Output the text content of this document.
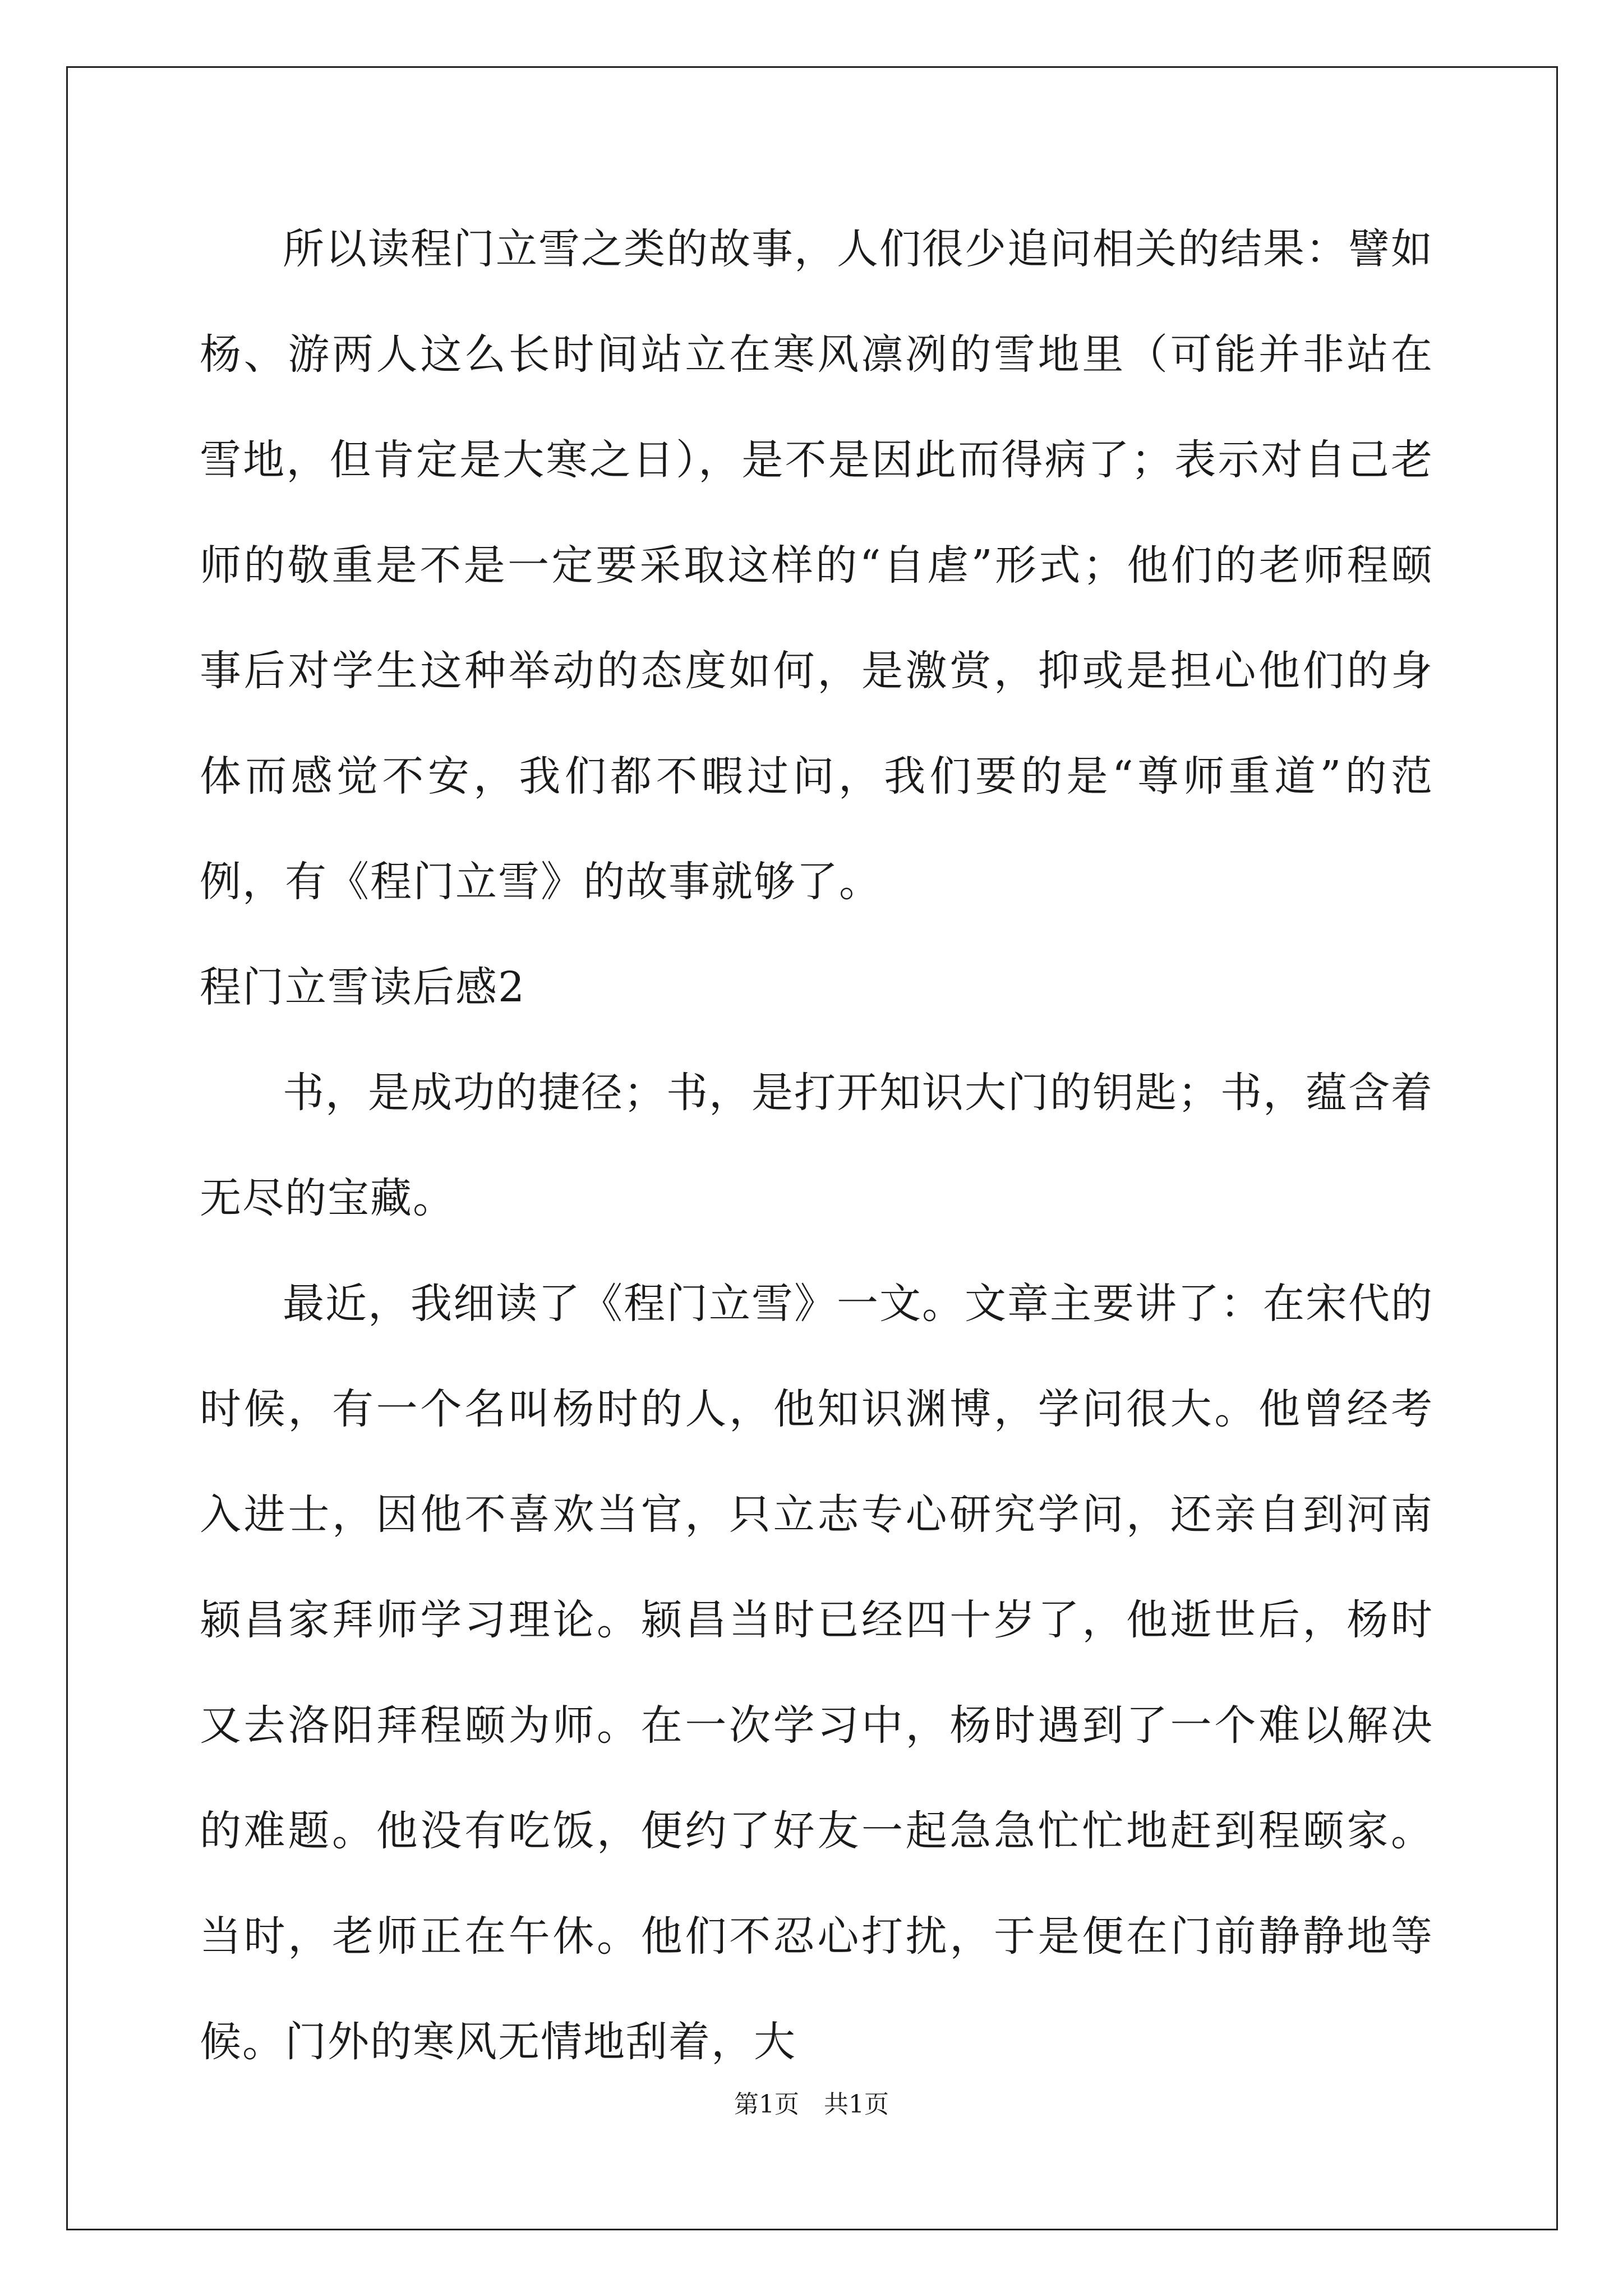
所以读程门立雪之类的故事，人们很少追问相关的结果：譬如杨、游两人这么长时间站立在寒风凛冽的雪地里（可能并非站在雪地，但肯定是大寒之日），是不是因此而得病了；表示对自己老师的敬重是不是一定要采取这样的“自虐”形式；他们的老师程颐事后对学生这种举动的态度如何，是激赏，抑或是担心他们的身体而感觉不安，我们都不暇过问，我们要的是“尊师重道”的范例，有《程门立雪》的故事就够了。

程门立雪读后感2

书，是成功的捷径；书，是打开知识大门的钥匙；书，蕴含着无尽的宝藏。

最近，我细读了《程门立雪》一文。文章主要讲了：在宋代的时候，有一个名叫杨时的人，他知识渊博，学问很大。他曾经考入进士，因他不喜欢当官，只立志专心研究学问，还亲自到河南颍昌家拜师学习理论。颍昌当时已经四十岁了，他逝世后，杨时又去洛阳拜程颐为师。在一次学习中，杨时遇到了一个难以解决的难题。他没有吃饭，便约了好友一起急急忙忙地赶到程颐家。当时，老师正在午休。他们不忍心打扰，于是便在门前静静地等候。门外的寒风无情地刮着，大

第1页　共1页
